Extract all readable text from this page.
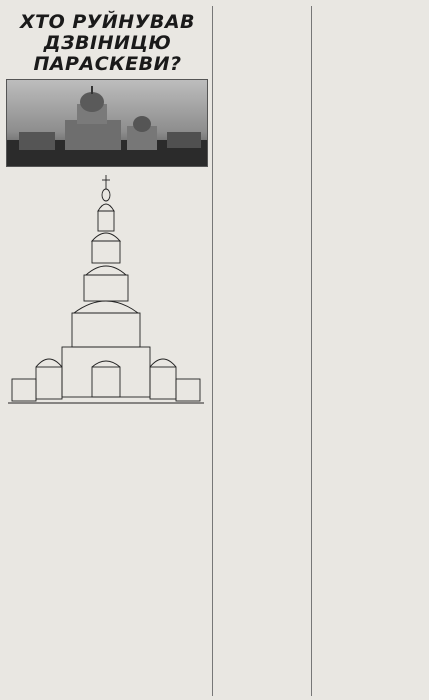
ХТО РУЙНУВАВ
ДЗВІНИЦЮ ПАРАСКЕВИ?
